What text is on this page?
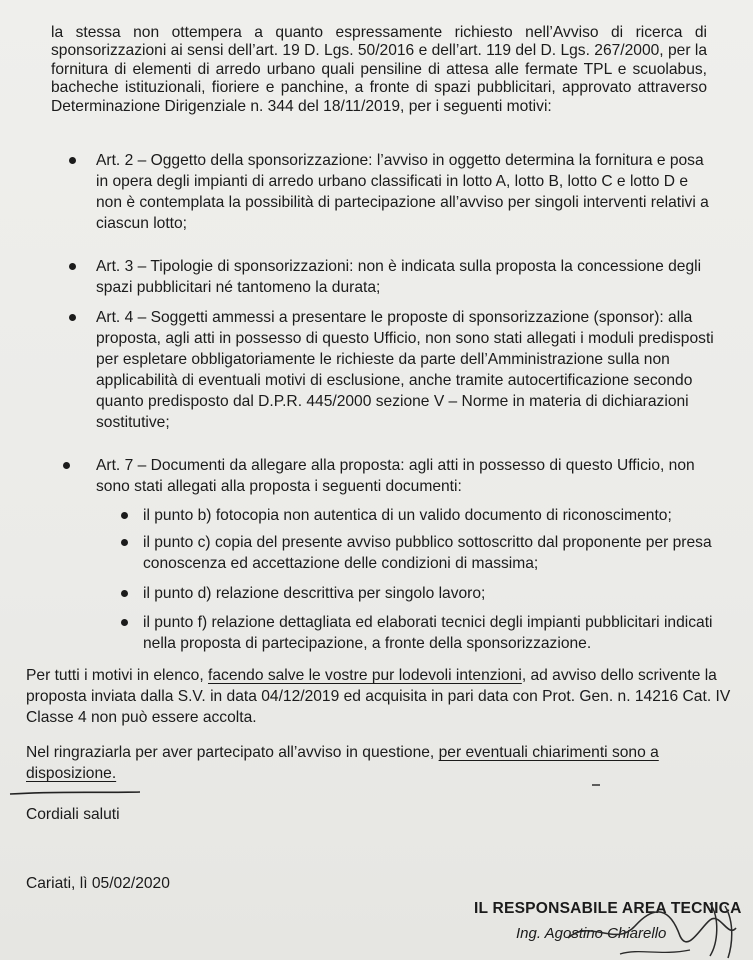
la stessa non ottempera a quanto espressamente richiesto nell’Avviso di ricerca di sponsorizzazioni ai sensi dell’art. 19 D. Lgs. 50/2016 e dell’art. 119 del D. Lgs. 267/2000, per la fornitura di elementi di arredo urbano quali pensiline di attesa alle fermate TPL e scuolabus, bacheche istituzionali, fioriere e panchine, a fronte di spazi pubblicitari, approvato attraverso Determinazione Dirigenziale n. 344 del 18/11/2019, per i seguenti motivi:

Art. 2 – Oggetto della sponsorizzazione: l’avviso in oggetto determina la fornitura e posa in opera degli impianti di arredo urbano classificati in lotto A, lotto B, lotto C e lotto D e non è contemplata la possibilità di partecipazione all’avviso per singoli interventi relativi a ciascun lotto;
Art. 3 – Tipologie di sponsorizzazioni: non è indicata sulla proposta la concessione degli spazi pubblicitari né tantomeno la durata;
Art. 4 – Soggetti ammessi a presentare le proposte di sponsorizzazione (sponsor): alla proposta, agli atti in possesso di questo Ufficio, non sono stati allegati i moduli predisposti per espletare obbligatoriamente le richieste da parte dell’Amministrazione sulla non applicabilità di eventuali motivi di esclusione, anche tramite autocertificazione secondo quanto predisposto dal D.P.R. 445/2000 sezione V – Norme in materia di dichiarazioni sostitutive;
Art. 7 – Documenti da allegare alla proposta: agli atti in possesso di questo Ufficio, non sono stati allegati alla proposta i seguenti documenti:
il punto b) fotocopia non autentica di un valido documento di riconoscimento;
il punto c) copia del presente avviso pubblico sottoscritto dal proponente per presa conoscenza ed accettazione delle condizioni di massima;
il punto d) relazione descrittiva per singolo lavoro;
il punto f) relazione dettagliata ed elaborati tecnici degli impianti pubblicitari indicati nella proposta di partecipazione, a fronte della sponsorizzazione.

Per tutti i motivi in elenco, facendo salve le vostre pur lodevoli intenzioni, ad avviso dello scrivente la proposta inviata dalla S.V. in data 04/12/2019 ed acquisita in pari data con Prot. Gen. n. 14216 Cat. IV Classe 4 non può essere accolta.

Nel ringraziarla per aver partecipato all’avviso in questione, per eventuali chiarimenti sono a disposizione.

Cordiali saluti
Cariati, lì 05/02/2020
IL RESPONSABILE AREA TECNICA
Ing. Agostino Chiarello
